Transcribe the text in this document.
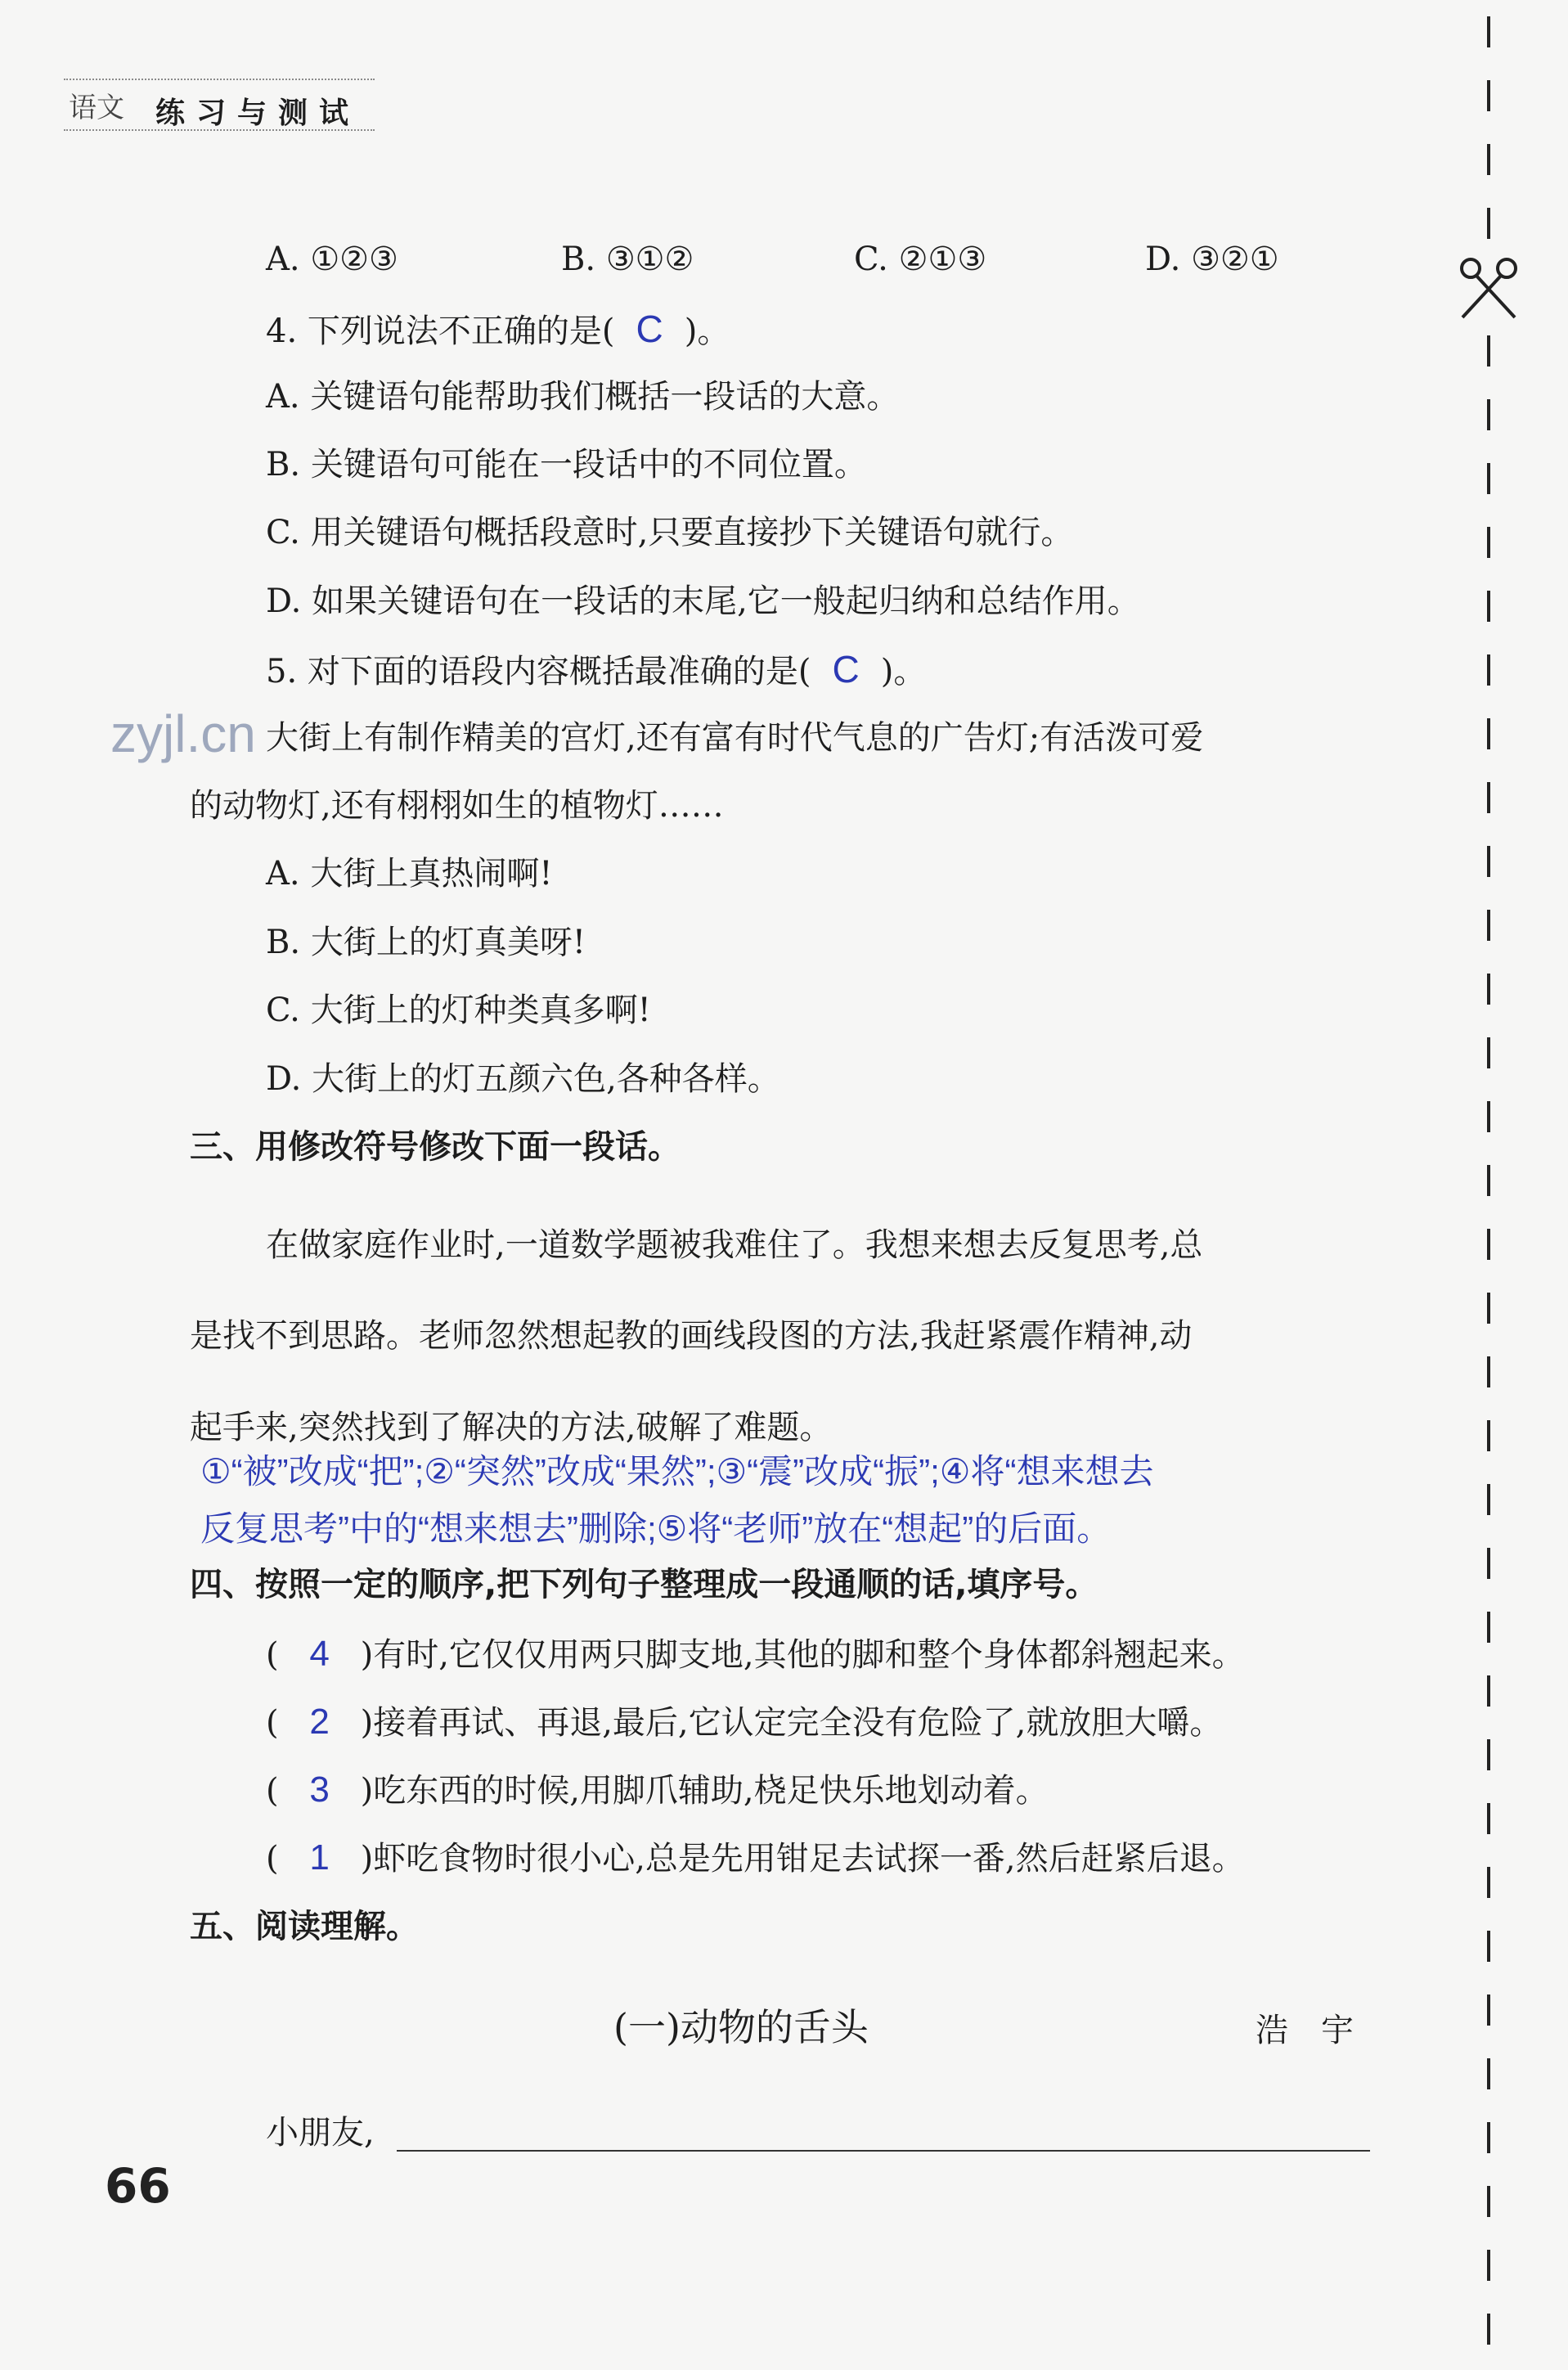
语文 练习与测试
A. ①②③	B. ③①②	C. ②①③	D. ③②①
4. 下列说法不正确的是( C )。
A. 关键语句能帮助我们概括一段话的大意。
B. 关键语句可能在一段话中的不同位置。
C. 用关键语句概括段意时,只要直接抄下关键语句就行。
D. 如果关键语句在一段话的末尾,它一般起归纳和总结作用。
5. 对下面的语段内容概括最准确的是( C )。
zyjl.cn 大街上有制作精美的宫灯,还有富有时代气息的广告灯;有活泼可爱
的动物灯,还有栩栩如生的植物灯……
A. 大街上真热闹啊!
B. 大街上的灯真美呀!
C. 大街上的灯种类真多啊!
D. 大街上的灯五颜六色,各种各样。
三、用修改符号修改下面一段话。
在做家庭作业时,一道数学题被我难住了。我想来想去反复思考,总
是找不到思路。老师忽然想起教的画线段图的方法,我赶紧震作精神,动
起手来,突然找到了解决的方法,破解了难题。
①“被”改成“把”;②“突然”改成“果然”;③“震”改成“振”;④将“想来想去
反复思考”中的“想来想去”删除;⑤将“老师”放在“想起”的后面。
四、按照一定的顺序,把下列句子整理成一段通顺的话,填序号。
( 4 )有时,它仅仅用两只脚支地,其他的脚和整个身体都斜翘起来。
( 2 )接着再试、再退,最后,它认定完全没有危险了,就放胆大嚼。
( 3 )吃东西的时候,用脚爪辅助,桡足快乐地划动着。
( 1 )虾吃食物时很小心,总是先用钳足去试探一番,然后赶紧后退。
五、阅读理解。
(一)动物的舌头	浩　宇
小朋友,
66
